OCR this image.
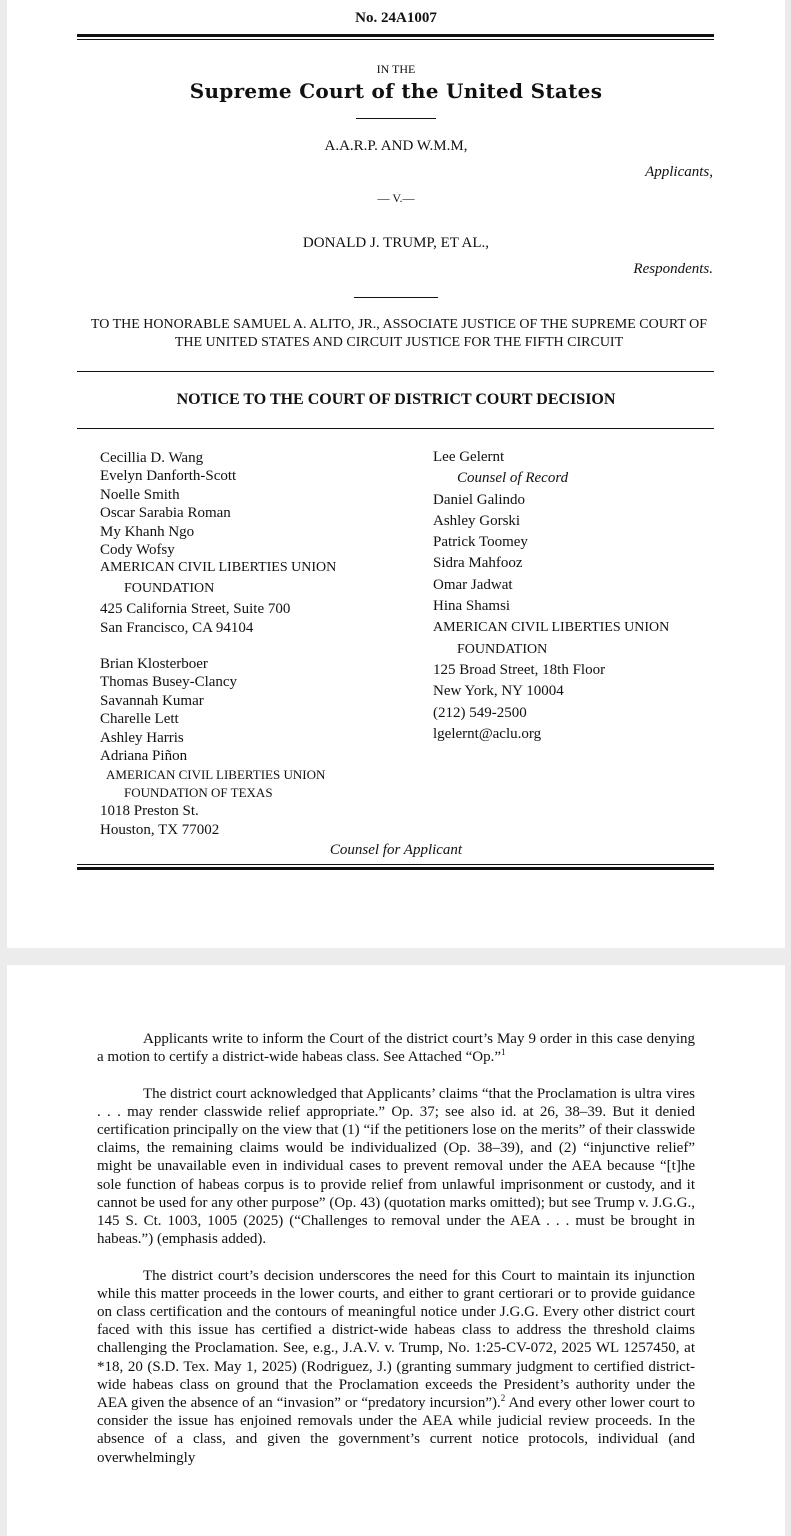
No. 24A1007
IN THE
Supreme Court of the United States
A.A.R.P. AND W.M.M,
Applicants,
— V.—
DONALD J. TRUMP, ET AL.,
Respondents.
TO THE HONORABLE SAMUEL A. ALITO, JR., ASSOCIATE JUSTICE OF THE SUPREME COURT OF THE UNITED STATES AND CIRCUIT JUSTICE FOR THE FIFTH CIRCUIT
NOTICE TO THE COURT OF DISTRICT COURT DECISION
Cecillia D. Wang
Evelyn Danforth-Scott
Noelle Smith
Oscar Sarabia Roman
My Khanh Ngo
Cody Wofsy
AMERICAN CIVIL LIBERTIES UNION
FOUNDATION
425 California Street, Suite 700
San Francisco, CA 94104
Brian Klosterboer
Thomas Busey-Clancy
Savannah Kumar
Charelle Lett
Ashley Harris
Adriana Piñon
AMERICAN CIVIL LIBERTIES UNION
FOUNDATION OF TEXAS
1018 Preston St.
Houston, TX 77002
Lee Gelernt
Counsel of Record
Daniel Galindo
Ashley Gorski
Patrick Toomey
Sidra Mahfooz
Omar Jadwat
Hina Shamsi
AMERICAN CIVIL LIBERTIES UNION
FOUNDATION
125 Broad Street, 18th Floor
New York, NY 10004
(212) 549-2500
lgelernt@aclu.org
Counsel for Applicant

Applicants write to inform the Court of the district court’s May 9 order in this case denying a motion to certify a district-wide habeas class. See Attached “Op.”$^1$

The district court acknowledged that Applicants’ claims “that the Proclamation is ultra vires . . . may render classwide relief appropriate.” Op. 37; see also id. at 26, 38–39. But it denied certification principally on the view that (1) “if the petitioners lose on the merits” of their classwide claims, the remaining claims would be individualized (Op. 38–39), and (2) “injunctive relief” might be unavailable even in individual cases to prevent removal under the AEA because “[t]he sole function of habeas corpus is to provide relief from unlawful imprisonment or custody, and it cannot be used for any other purpose” (Op. 43) (quotation marks omitted); but see Trump v. J.G.G., 145 S. Ct. 1003, 1005 (2025) (“Challenges to removal under the AEA . . . must be brought in habeas.”) (emphasis added).

The district court’s decision underscores the need for this Court to maintain its injunction while this matter proceeds in the lower courts, and either to grant certiorari or to provide guidance on class certification and the contours of meaningful notice under J.G.G. Every other district court faced with this issue has certified a district-wide habeas class to address the threshold claims challenging the Proclamation. See, e.g., J.A.V. v. Trump, No. 1:25-CV-072, 2025 WL 1257450, at *18, 20 (S.D. Tex. May 1, 2025) (Rodriguez, J.) (granting summary judgment to certified district-wide habeas class on ground that the Proclamation exceeds the President’s authority under the AEA given the absence of an “invasion” or “predatory incursion”).$^2$ And every other lower court to consider the issue has enjoined removals under the AEA while judicial review proceeds. In the absence of a class, and given the government’s current notice protocols, individual (and overwhelmingly
